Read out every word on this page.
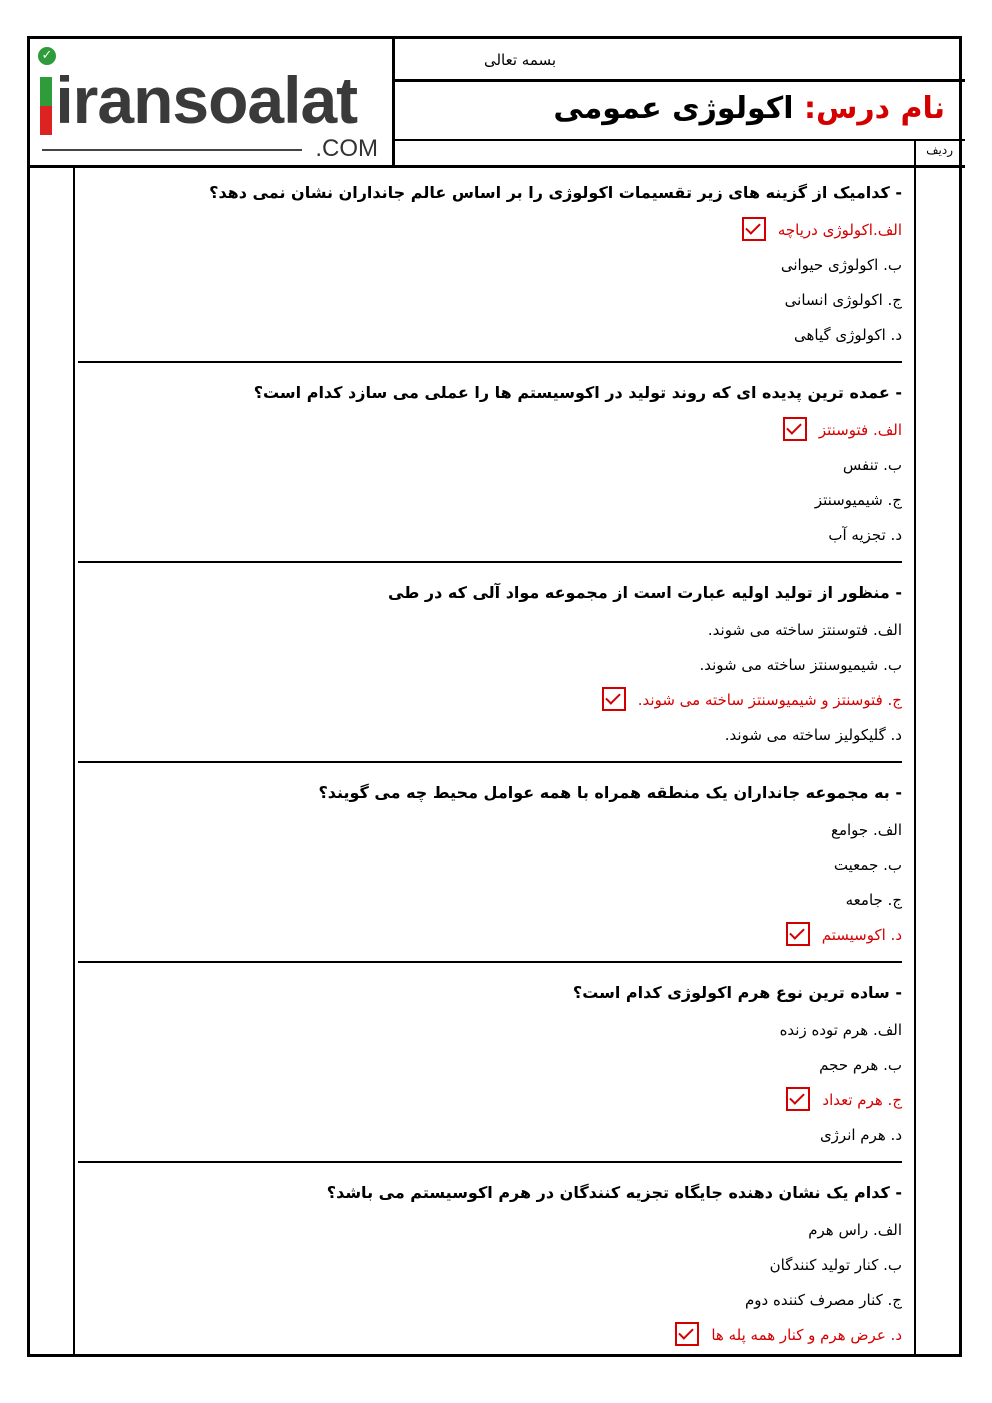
✓
iransoalat
.COM
بسمه تعالی
نام درس: اکولوژی عمومی
ردیف
- کدامیک از گزینه های زیر تقسیمات اکولوژی را بر اساس عالم جانداران نشان نمی دهد؟
الف.اکولوژی دریاچه
ب. اکولوژی حیوانی
ج. اکولوژی انسانی
د. اکولوژی گیاهی
- عمده ترین پدیده ای که روند تولید در اکوسیستم ها را عملی می سازد کدام است؟
الف. فتوسنتز
ب. تنفس
ج. شیمیوسنتز
د. تجزیه آب
- منظور از تولید اولیه عبارت است از مجموعه مواد آلی که در طی
الف. فتوسنتز ساخته می شوند.
ب. شیمیوسنتز ساخته می شوند.
ج. فتوسنتز و شیمیوسنتز ساخته می شوند.
د. گلیکولیز ساخته می شوند.
- به مجموعه جانداران یک منطقه همراه با همه عوامل محیط چه می گویند؟
الف. جوامع
ب. جمعیت
ج. جامعه
د. اکوسیستم
- ساده ترین نوع هرم اکولوژی کدام است؟
الف. هرم توده زنده
ب. هرم حجم
ج. هرم تعداد
د. هرم انرژی
- کدام یک نشان دهنده جایگاه تجزیه کنندگان در هرم اکوسیستم می باشد؟
الف. راس هرم
ب. کنار تولید کنندگان
ج. کنار مصرف کننده دوم
د. عرض هرم و کنار همه پله ها
